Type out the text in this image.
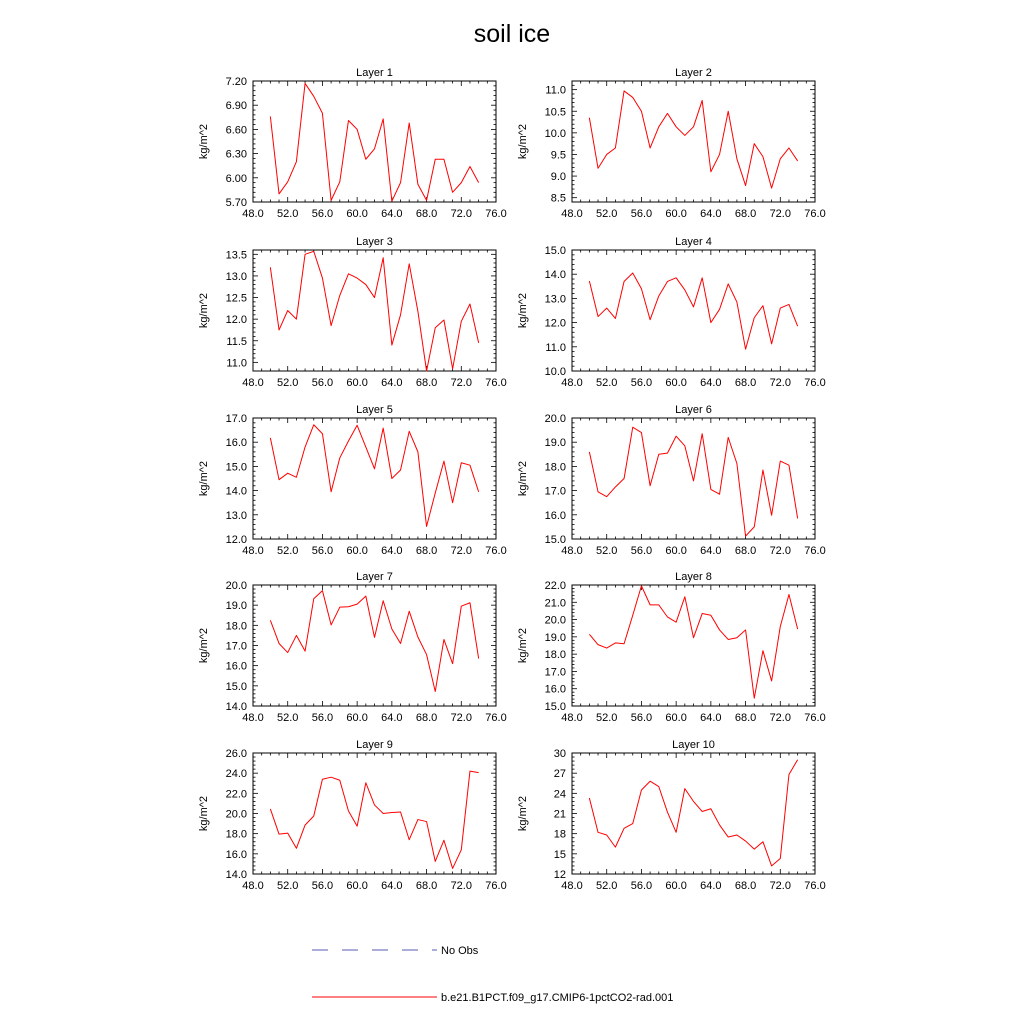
soil ice
Layer 1
48.0 52.0 56.0 60.0 64.0 68.0 72.0 76.0
5.70
6.00
6.30
6.60
6.90
7.20
kg/m^2
Layer 2
48.0 52.0 56.0 60.0 64.0 68.0 72.0 76.0
8.5
9.0
9.5
10.0
10.5
11.0
kg/m^2
Layer 3
48.0 52.0 56.0 60.0 64.0 68.0 72.0 76.0
11.0
11.5
12.0
12.5
13.0
13.5
kg/m^2
Layer 4
48.0 52.0 56.0 60.0 64.0 68.0 72.0 76.0
10.0
11.0
12.0
13.0
14.0
15.0
kg/m^2
Layer 5
48.0 52.0 56.0 60.0 64.0 68.0 72.0 76.0
12.0
13.0
14.0
15.0
16.0
17.0
kg/m^2
Layer 6
48.0 52.0 56.0 60.0 64.0 68.0 72.0 76.0
15.0
16.0
17.0
18.0
19.0
20.0
kg/m^2
Layer 7
48.0 52.0 56.0 60.0 64.0 68.0 72.0 76.0
14.0
15.0
16.0
17.0
18.0
19.0
20.0
kg/m^2
Layer 8
48.0 52.0 56.0 60.0 64.0 68.0 72.0 76.0
15.0
16.0
17.0
18.0
19.0
20.0
21.0
22.0
kg/m^2
Layer 9
48.0 52.0 56.0 60.0 64.0 68.0 72.0 76.0
14.0
16.0
18.0
20.0
22.0
24.0
26.0
kg/m^2
Layer 10
48.0 52.0 56.0 60.0 64.0 68.0 72.0 76.0
12
15
18
21
24
27
30
kg/m^2
No Obs
b.e21.B1PCT.f09_g17.CMIP6-1pctCO2-rad.001
